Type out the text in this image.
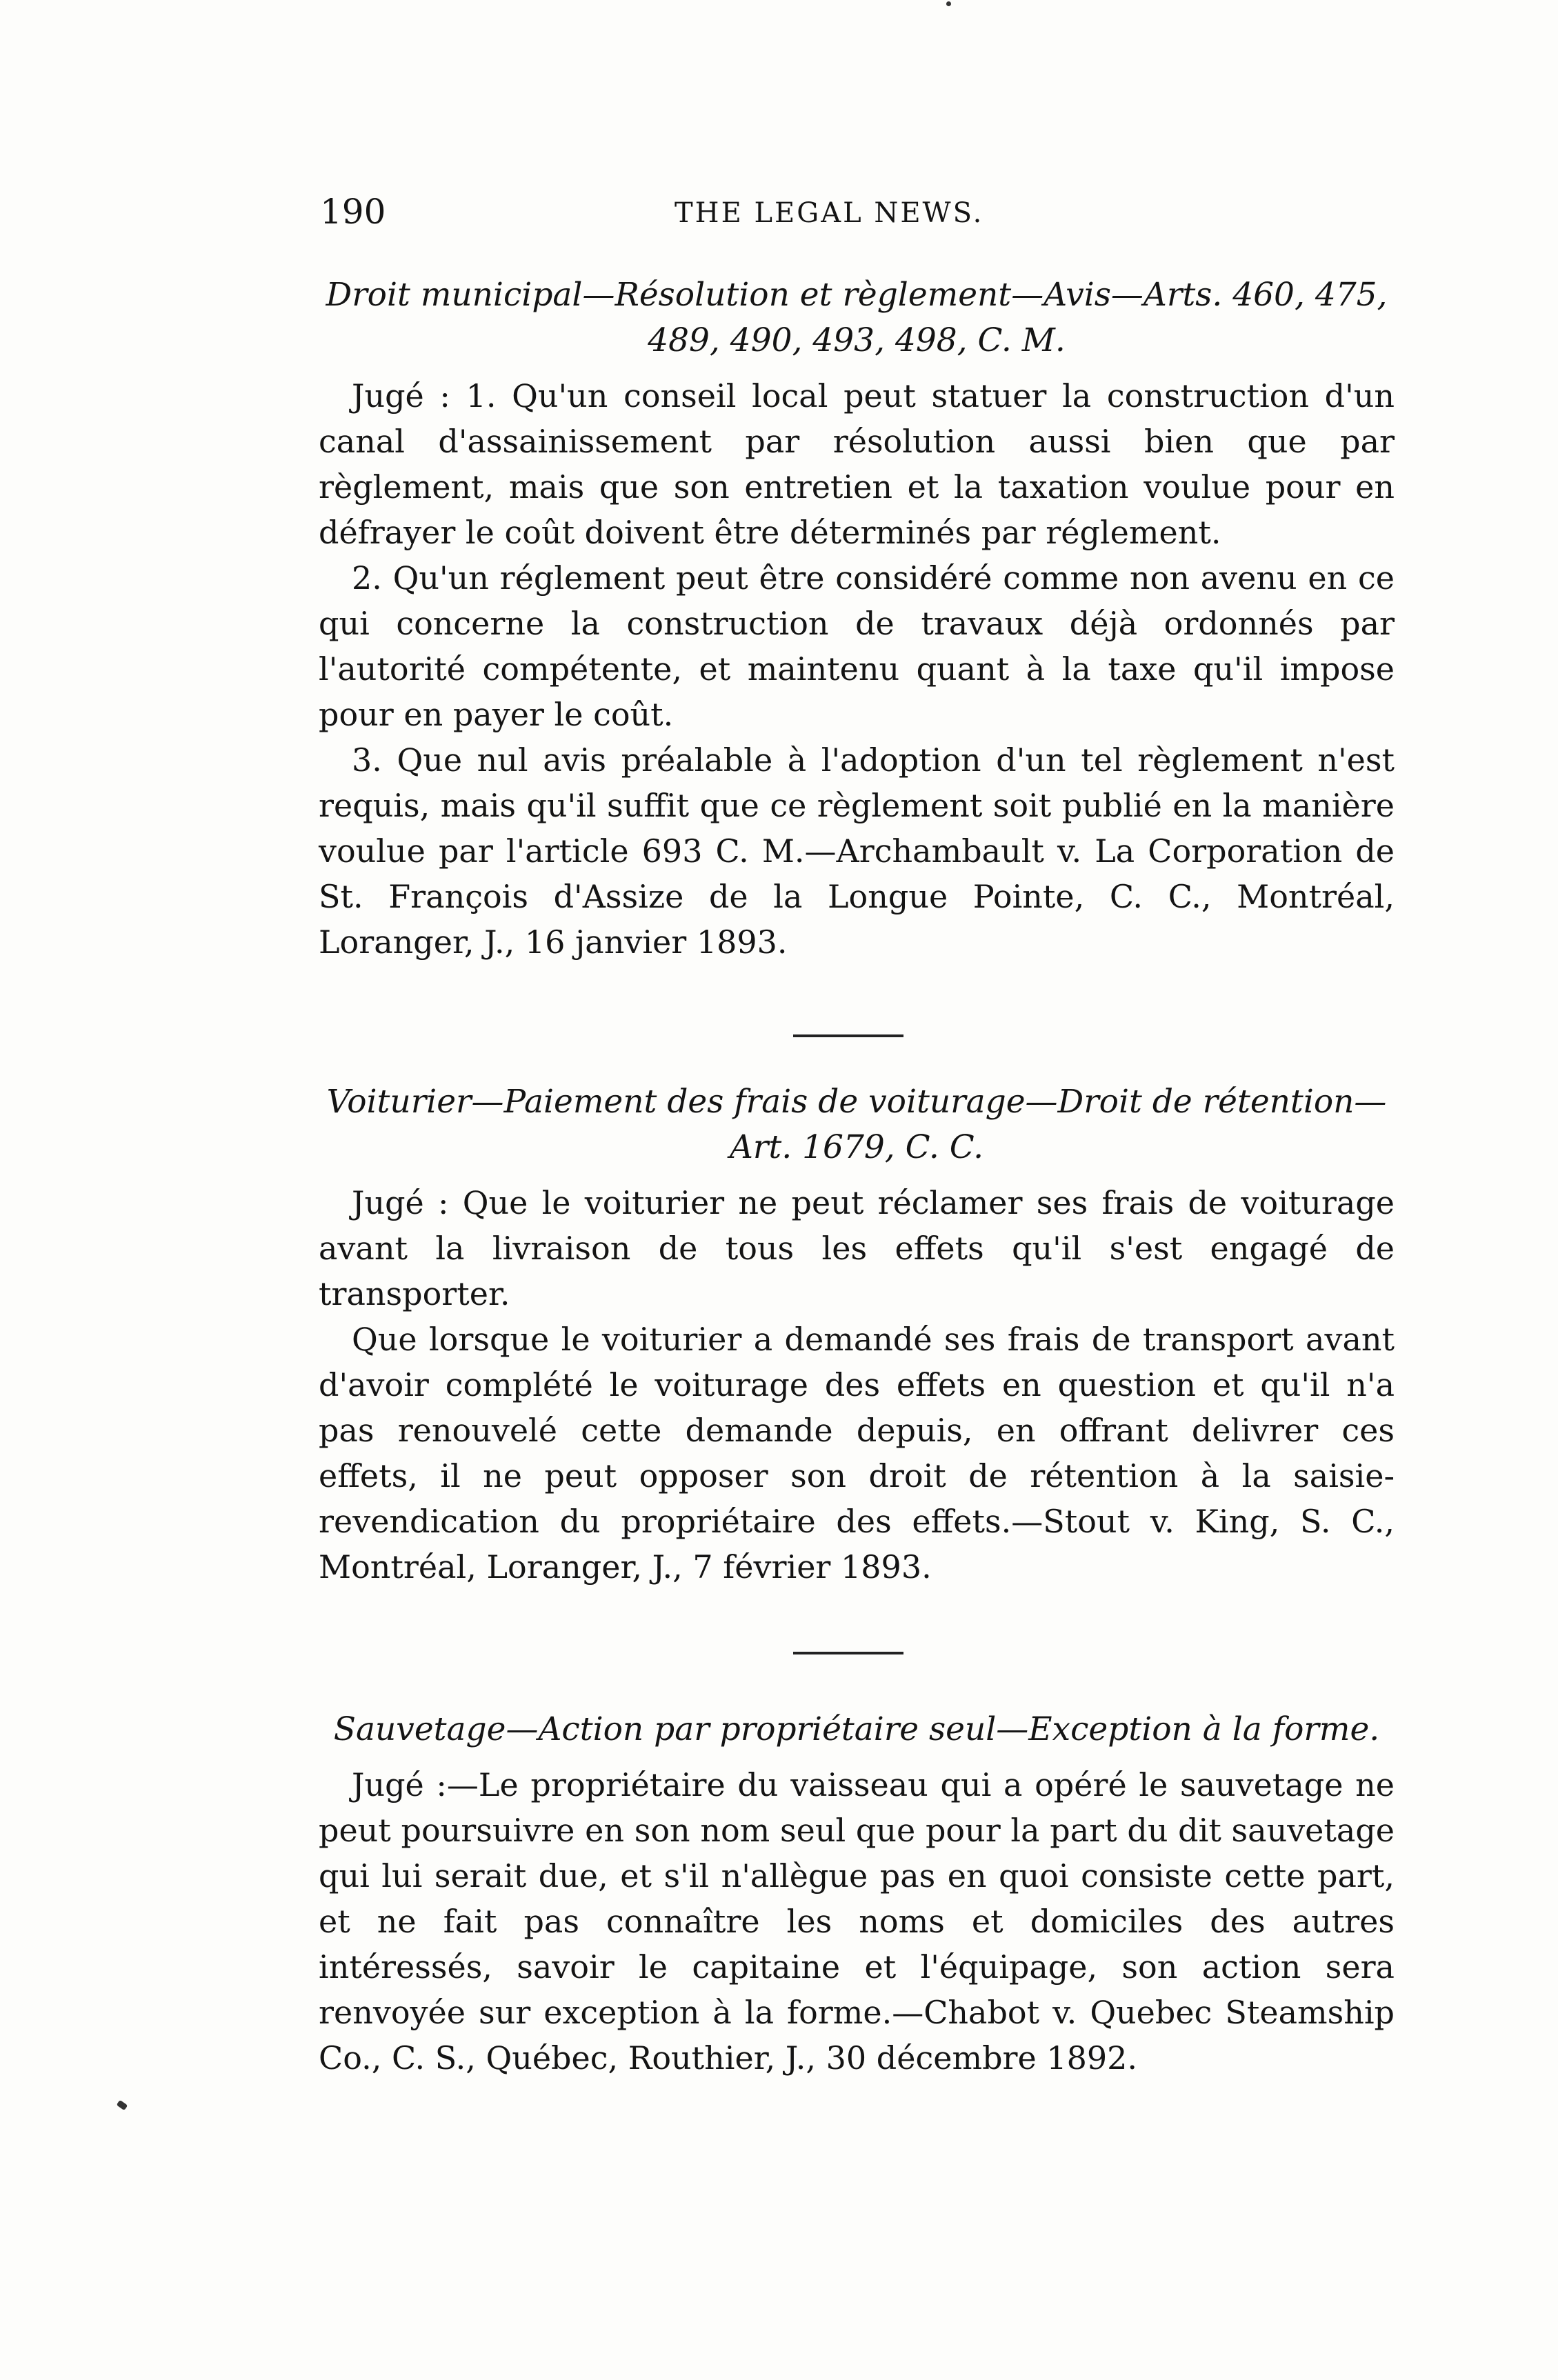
190	THE LEGAL NEWS.
Droit municipal—Résolution et règlement—Avis—Arts. 460, 475,
489, 490, 493, 498, C. M.

Jugé : 1. Qu'un conseil local peut statuer la construction d'un canal d'assainissement par résolution aussi bien que par règlement, mais que son entretien et la taxation voulue pour en défrayer le coût doivent être déterminés par réglement.

2. Qu'un réglement peut être considéré comme non avenu en ce qui concerne la construction de travaux déjà ordonnés par l'autorité compétente, et maintenu quant à la taxe qu'il impose pour en payer le coût.

3. Que nul avis préalable à l'adoption d'un tel règlement n'est requis, mais qu'il suffit que ce règlement soit publié en la manière voulue par l'article 693 C. M.—Archambault v. La Corporation de St. François d'Assize de la Longue Pointe, C. C., Montréal, Loranger, J., 16 janvier 1893.

Voiturier—Paiement des frais de voiturage—Droit de rétention—
Art. 1679, C. C.

Jugé : Que le voiturier ne peut réclamer ses frais de voiturage avant la livraison de tous les effets qu'il s'est engagé de transporter.

Que lorsque le voiturier a demandé ses frais de transport avant d'avoir complété le voiturage des effets en question et qu'il n'a pas renouvelé cette demande depuis, en offrant delivrer ces effets, il ne peut opposer son droit de rétention à la saisie-revendication du propriétaire des effets.—Stout v. King, S. C., Montréal, Loranger, J., 7 février 1893.

Sauvetage—Action par propriétaire seul—Exception à la forme.

Jugé :—Le propriétaire du vaisseau qui a opéré le sauvetage ne peut poursuivre en son nom seul que pour la part du dit sauvetage qui lui serait due, et s'il n'allègue pas en quoi consiste cette part, et ne fait pas connaître les noms et domiciles des autres intéressés, savoir le capitaine et l'équipage, son action sera renvoyée sur exception à la forme.—Chabot v. Quebec Steamship Co., C. S., Québec, Routhier, J., 30 décembre 1892.
